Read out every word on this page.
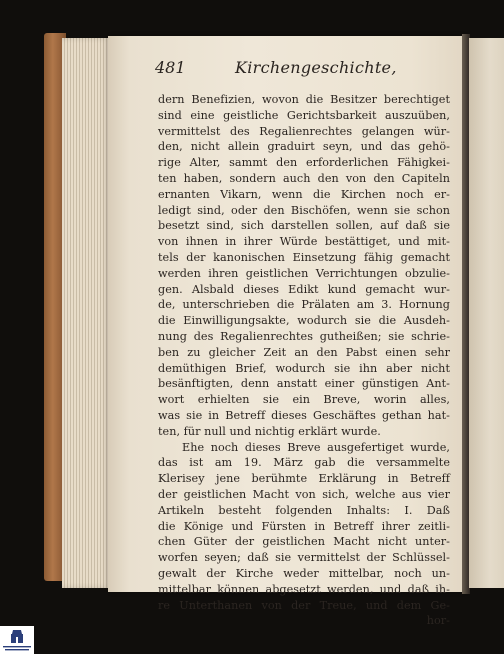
481	Kirchengeschichte,
dern Benefizien, wovon die Besitzer berechtiget
sind eine geistliche Gerichtsbarkeit auszuüben,
vermittelst des Regalienrechtes gelangen wür-
den, nicht allein graduirt seyn, und das gehö-
rige Alter, sammt den erforderlichen Fähigkei-
ten haben, sondern auch den von den Capiteln
ernanten Vikarn, wenn die Kirchen noch er-
ledigt sind, oder den Bischöfen, wenn sie schon
besetzt sind, sich darstellen sollen, auf daß sie
von ihnen in ihrer Würde bestättiget, und mit-
tels der kanonischen Einsetzung fähig gemacht
werden ihren geistlichen Verrichtungen obzulie-
gen. Alsbald dieses Edikt kund gemacht wur-
de, unterschrieben die Prälaten am 3. Hornung
die Einwilligungsakte, wodurch sie die Ausdeh-
nung des Regalienrechtes gutheißen; sie schrie-
ben zu gleicher Zeit an den Pabst einen sehr
demüthigen Brief, wodurch sie ihn aber nicht
besänftigten, denn anstatt einer günstigen Ant-
wort erhielten sie ein Breve, worin alles,
was sie in Betreff dieses Geschäftes gethan hat-
ten, für null und nichtig erklärt wurde.
Ehe noch dieses Breve ausgefertiget wurde,
das ist am 19. März gab die versammelte
Klerisey jene berühmte Erklärung in Betreff
der geistlichen Macht von sich, welche aus vier
Artikeln besteht folgenden Inhalts: I. Daß
die Könige und Fürsten in Betreff ihrer zeitli-
chen Güter der geistlichen Macht nicht unter-
worfen seyen; daß sie vermittelst der Schlüssel-
gewalt der Kirche weder mittelbar, noch un-
mittelbar können abgesetzt werden, und daß ih-
re Unterthanen von der Treue, und dem Ge-
hor-
